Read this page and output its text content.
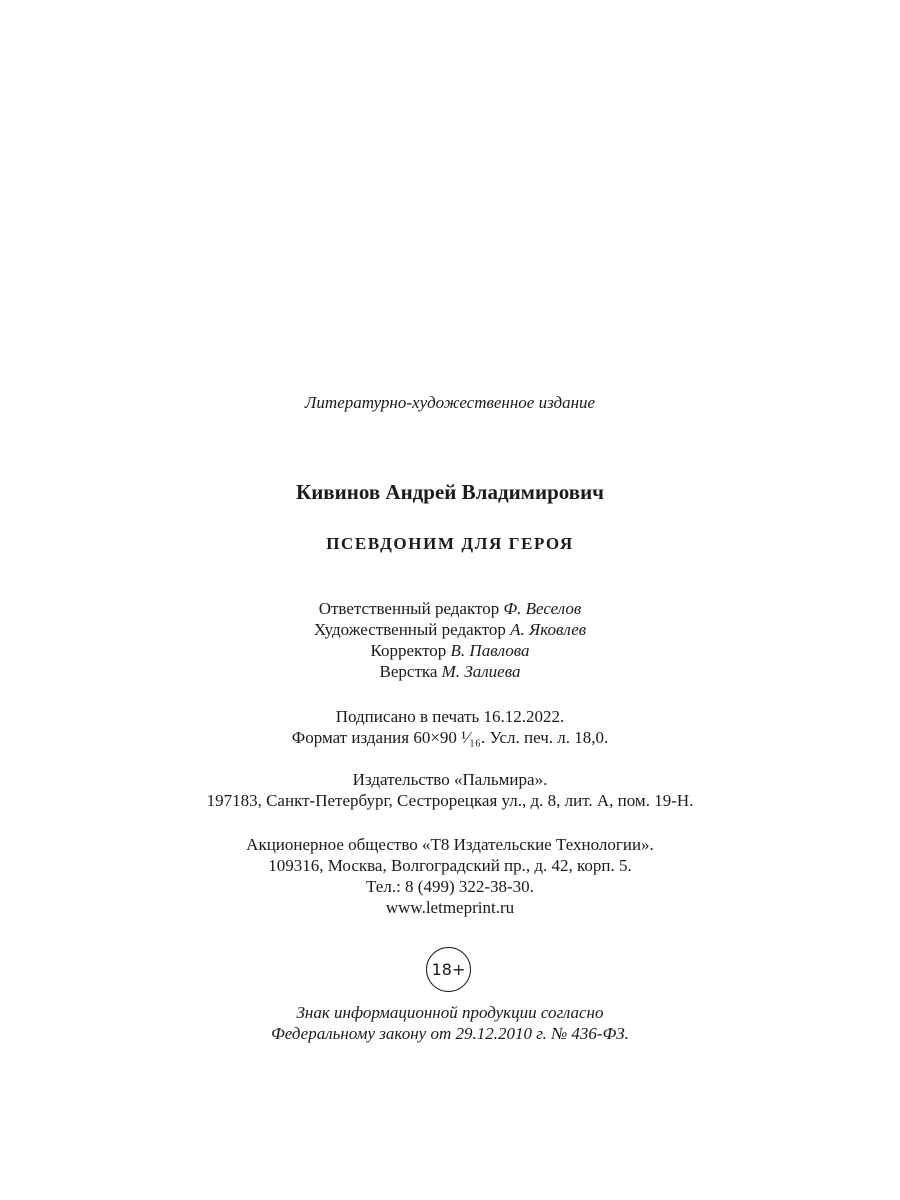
Литературно-художественное издание
Кивинов Андрей Владимирович
ПСЕВДОНИМ ДЛЯ ГЕРОЯ
Ответственный редактор Ф. Веселов
Художественный редактор А. Яковлев
Корректор В. Павлова
Верстка М. Залиева
Подписано в печать 16.12.2022.
Формат издания 60×90 ¹⁄₁₆. Усл. печ. л. 18,0.
Издательство «Пальмира».
197183, Санкт-Петербург, Сестрорецкая ул., д. 8, лит. А, пом. 19-Н.
Акционерное общество «Т8 Издательские Технологии».
109316, Москва, Волгоградский пр., д. 42, корп. 5.
Тел.: 8 (499) 322-38-30.
www.letmeprint.ru
18+
Знак информационной продукции согласно
Федеральному закону от 29.12.2010 г. № 436-ФЗ.
